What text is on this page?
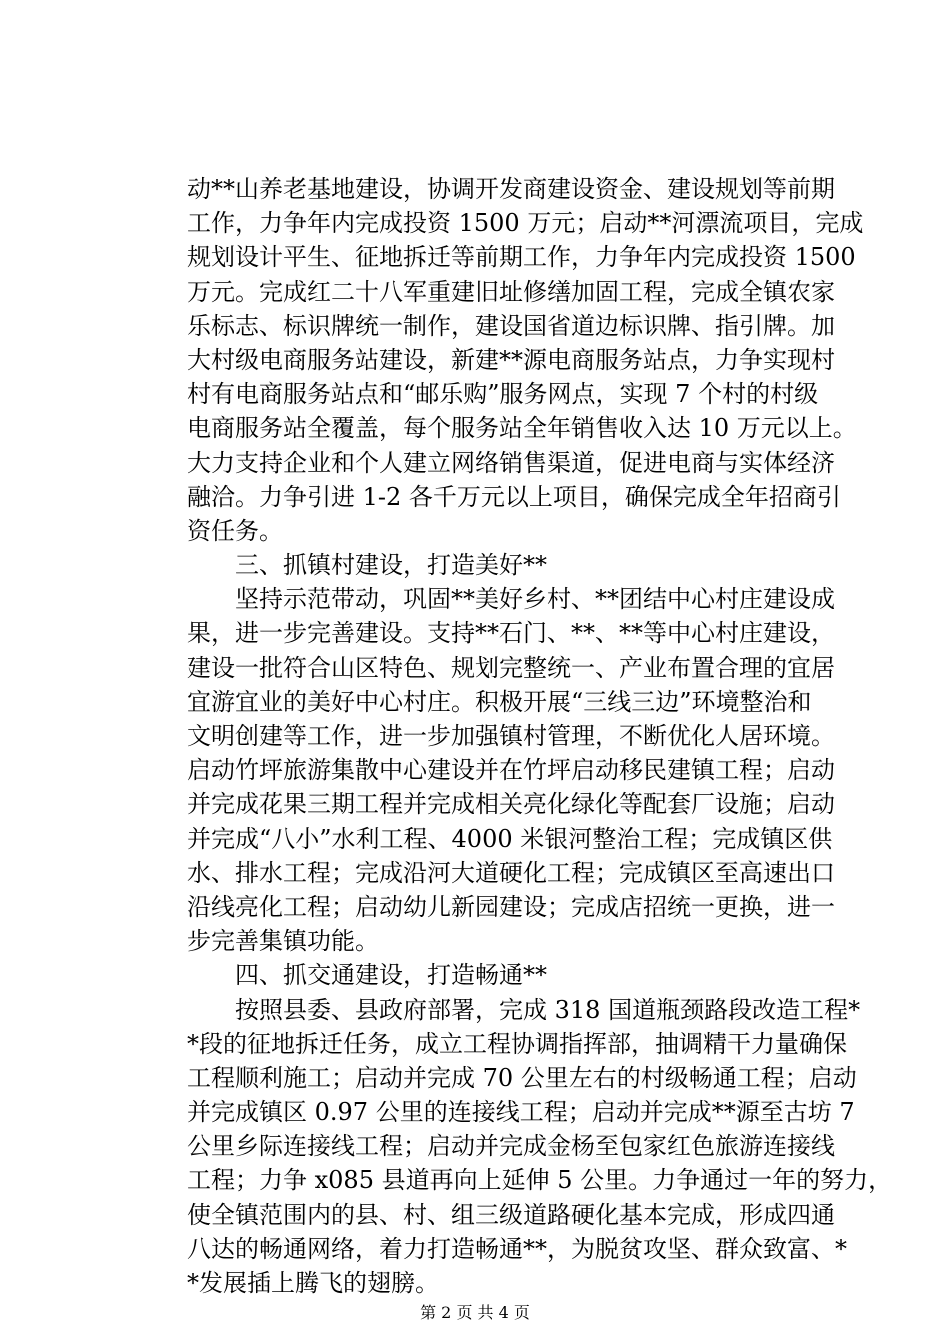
动**山养老基地建设，协调开发商建设资金、建设规划等前期
工作，力争年内完成投资 1500 万元；启动**河漂流项目，完成
规划设计平生、征地拆迁等前期工作，力争年内完成投资 1500
万元。完成红二十八军重建旧址修缮加固工程，完成全镇农家
乐标志、标识牌统一制作，建设国省道边标识牌、指引牌。加
大村级电商服务站建设，新建**源电商服务站点，力争实现村
村有电商服务站点和“邮乐购”服务网点，实现 7 个村的村级
电商服务站全覆盖，每个服务站全年销售收入达 10 万元以上。
大力支持企业和个人建立网络销售渠道，促进电商与实体经济
融洽。力争引进 1-2 各千万元以上项目，确保完成全年招商引
资任务。
三、抓镇村建设，打造美好**
坚持示范带动，巩固**美好乡村、**团结中心村庄建设成
果，进一步完善建设。支持**石门、**、**等中心村庄建设，
建设一批符合山区特色、规划完整统一、产业布置合理的宜居
宜游宜业的美好中心村庄。积极开展“三线三边”环境整治和
文明创建等工作，进一步加强镇村管理，不断优化人居环境。
启动竹坪旅游集散中心建设并在竹坪启动移民建镇工程；启动
并完成花果三期工程并完成相关亮化绿化等配套厂设施；启动
并完成“八小”水利工程、4000 米银河整治工程；完成镇区供
水、排水工程；完成沿河大道硬化工程；完成镇区至高速出口
沿线亮化工程；启动幼儿新园建设；完成店招统一更换，进一
步完善集镇功能。
四、抓交通建设，打造畅通**
按照县委、县政府部署，完成 318 国道瓶颈路段改造工程*
*段的征地拆迁任务，成立工程协调指挥部，抽调精干力量确保
工程顺利施工；启动并完成 70 公里左右的村级畅通工程；启动
并完成镇区 0.97 公里的连接线工程；启动并完成**源至古坊 7
公里乡际连接线工程；启动并完成金杨至包家红色旅游连接线
工程；力争 x085 县道再向上延伸 5 公里。力争通过一年的努力，
使全镇范围内的县、村、组三级道路硬化基本完成，形成四通
八达的畅通网络，着力打造畅通**，为脱贫攻坚、群众致富、*
*发展插上腾飞的翅膀。
第 2 页 共 4 页
